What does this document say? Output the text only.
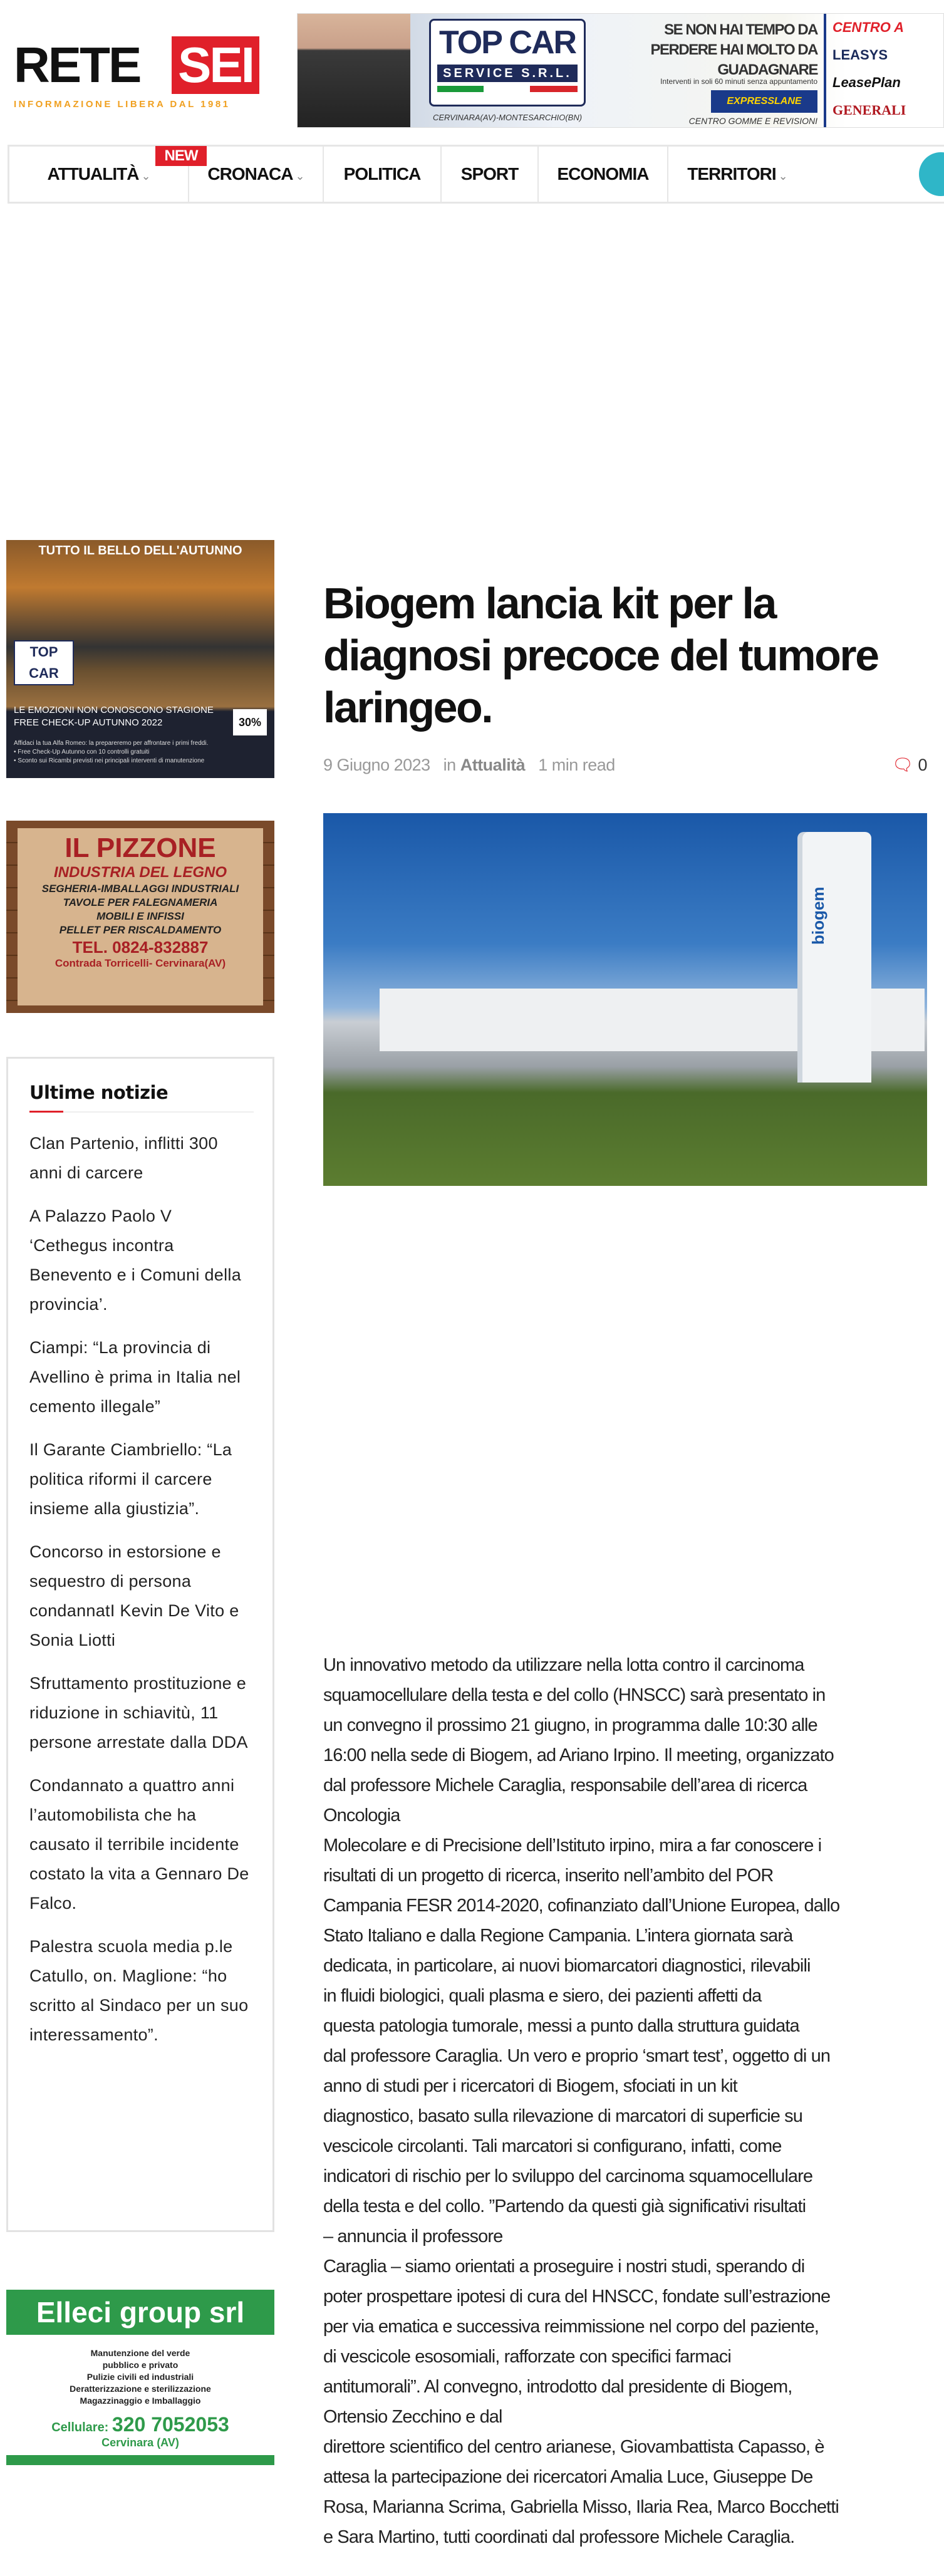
RETE SEI
INFORMAZIONE LIBERA DAL 1981
TOP CAR
SERVICE S.R.L.
CERVINARA(AV)-MONTESARCHIO(BN)
SE NON HAI TEMPO DA PERDERE HAI MOLTO DA GUADAGNARE
Interventi in soli 60 minuti senza appuntamento
EXPRESSLANE
CENTRO GOMME E REVISIONI
CENTRO A
LEASYS
LeasePlan
GENERALI
ATTUALITÀ ⌄	CRONACA ⌄	POLITICA	SPORT	ECONOMIA	TERRITORI ⌄
NEW
TUTTO IL BELLO DELL'AUTUNNO
TOP CAR
LE EMOZIONI NON CONOSCONO STAGIONE
FREE CHECK-UP AUTUNNO 2022
Affidaci la tua Alfa Romeo: la prepareremo per affrontare i primi freddi.
• Free Check-Up Autunno con 10 controlli gratuiti
• Sconto sui Ricambi previsti nei principali interventi di manutenzione
30%
IL PIZZONE
INDUSTRIA DEL LEGNO
SEGHERIA-IMBALLAGGI INDUSTRIALI
TAVOLE PER FALEGNAMERIA
MOBILI E INFISSI
PELLET PER RISCALDAMENTO
TEL. 0824-832887
Contrada Torricelli- Cervinara(AV)
Ultime notizie
Clan Partenio, inflitti 300 anni di carcere
A Palazzo Paolo V ‘Cethegus incontra Benevento e i Comuni della provincia’.
Ciampi: “La provincia di Avellino è prima in Italia nel cemento illegale”
Il Garante Ciambriello: “La politica riformi il carcere insieme alla giustizia”.
Concorso in estorsione e sequestro di persona condannatI Kevin De Vito e Sonia Liotti
Sfruttamento prostituzione e riduzione in schiavitù, 11 persone arrestate dalla DDA
Condannato a quattro anni l’automobilista che ha causato il terribile incidente costato la vita a Gennaro De Falco.
Palestra scuola media p.le Catullo, on. Maglione: “ho scritto al Sindaco per un suo interessamento”.
Elleci group srl
Manutenzione del verde
pubblico e privato
Pulizie civili ed industriali
Deratterizzazione e sterilizzazione
Magazzinaggio e Imballaggio
Cellulare: 320 7052053
Cervinara (AV)
Biogem lancia kit per la diagnosi precoce del tumore laringeo.
9 Giugno 2023 in Attualità 1 min read	🗨 0
biogem
Un innovativo metodo da utilizzare nella lotta contro il carcinoma
squamocellulare della testa e del collo (HNSCC) sarà presentato in
un convegno il prossimo 21 giugno, in programma dalle 10:30 alle
16:00 nella sede di Biogem, ad Ariano Irpino. Il meeting, organizzato
dal professore Michele Caraglia, responsabile dell’area di ricerca
Oncologia
Molecolare e di Precisione dell’Istituto irpino, mira a far conoscere i
risultati di un progetto di ricerca, inserito nell’ambito del POR
Campania FESR 2014-2020, cofinanziato dall’Unione Europea, dallo
Stato Italiano e dalla Regione Campania. L’intera giornata sarà
dedicata, in particolare, ai nuovi biomarcatori diagnostici, rilevabili
in fluidi biologici, quali plasma e siero, dei pazienti affetti da
questa patologia tumorale, messi a punto dalla struttura guidata
dal professore Caraglia. Un vero e proprio ‘smart test’, oggetto di un
anno di studi per i ricercatori di Biogem, sfociati in un kit
diagnostico, basato sulla rilevazione di marcatori di superficie su
vescicole circolanti. Tali marcatori si configurano, infatti, come
indicatori di rischio per lo sviluppo del carcinoma squamocellulare
della testa e del collo. ”Partendo da questi già significativi risultati
– annuncia il professore
Caraglia – siamo orientati a proseguire i nostri studi, sperando di
poter prospettare ipotesi di cura del HNSCC, fondate sull’estrazione
per via ematica e successiva reimmissione nel corpo del paziente,
di vescicole esosomiali, rafforzate con specifici farmaci
antitumorali”. Al convegno, introdotto dal presidente di Biogem,
Ortensio Zecchino e dal
direttore scientifico del centro arianese, Giovambattista Capasso, è
attesa la partecipazione dei ricercatori Amalia Luce, Giuseppe De
Rosa, Marianna Scrima, Gabriella Misso, Ilaria Rea, Marco Bocchetti
e Sara Martino, tutti coordinati dal professore Michele Caraglia.
